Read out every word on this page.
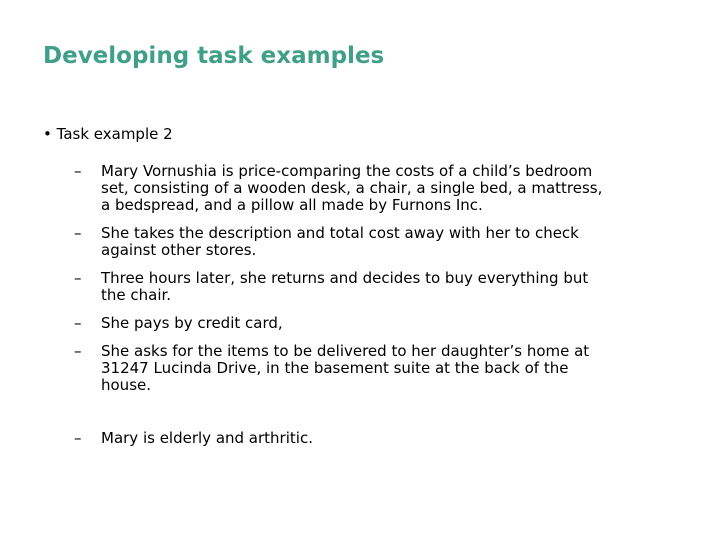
Developing task examples
• Task example 2
–	Mary Vornushia is price-comparing the costs of a child’s bedroom
set, consisting of a wooden desk, a chair, a single bed, a mattress,
a bedspread, and a pillow all made by Furnons Inc.
–	She takes the description and total cost away with her to check
against other stores.
–	Three hours later, she returns and decides to buy everything but
the chair.
–	She pays by credit card,
–	She asks for the items to be delivered to her daughter’s home at
31247 Lucinda Drive, in the basement suite at the back of the
house.
–	Mary is elderly and arthritic.
